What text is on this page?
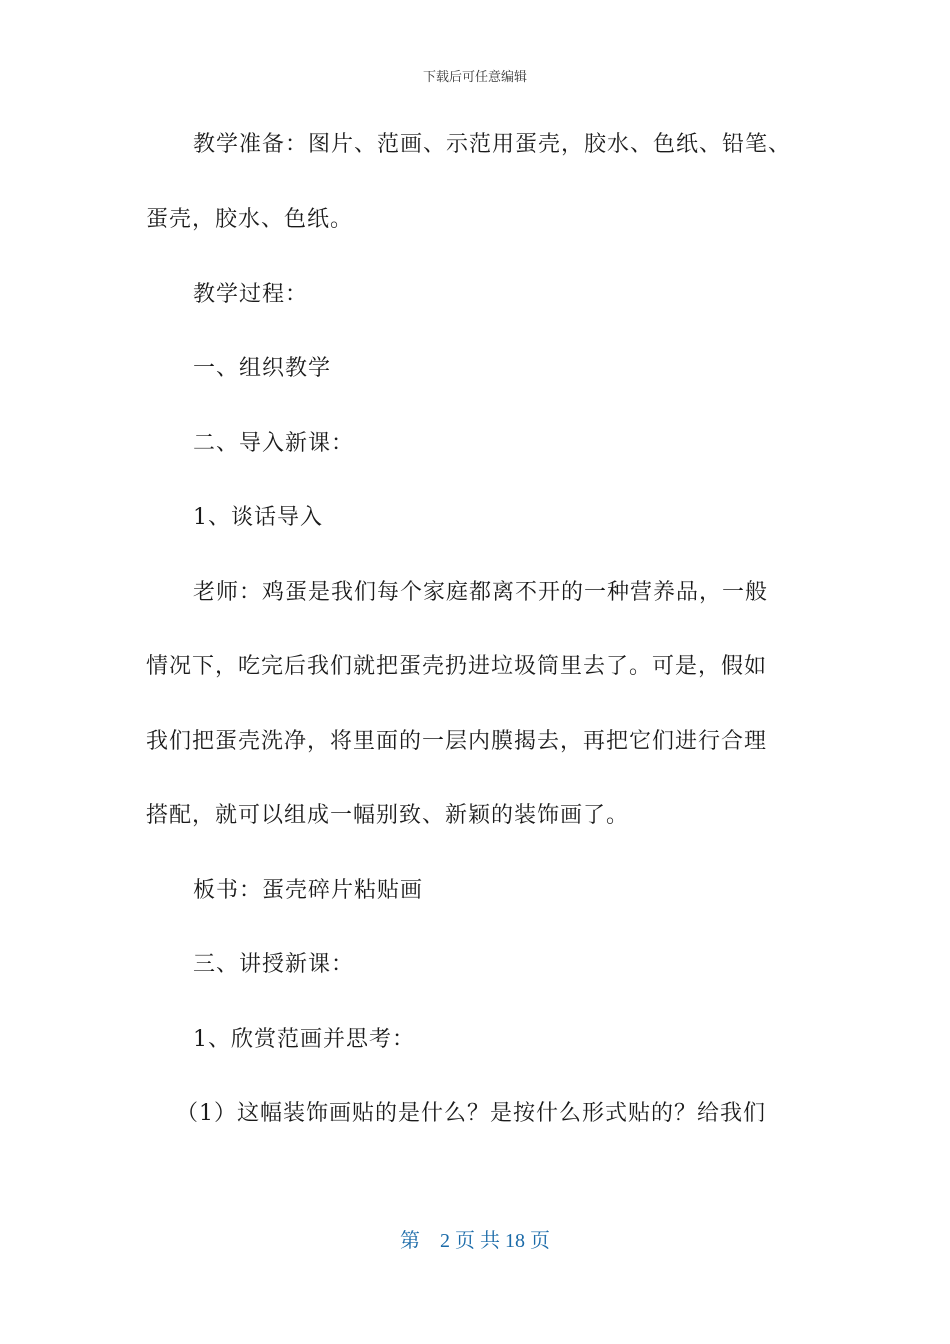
下载后可任意编辑
教学准备：图片、范画、示范用蛋壳，胶水、色纸、铅笔、
蛋壳，胶水、色纸。
教学过程：
一、组织教学
二、导入新课：
1、谈话导入
老师：鸡蛋是我们每个家庭都离不开的一种营养品，一般
情况下，吃完后我们就把蛋壳扔进垃圾筒里去了。可是，假如
我们把蛋壳洗净，将里面的一层内膜揭去，再把它们进行合理
搭配，就可以组成一幅别致、新颖的装饰画了。
板书：蛋壳碎片粘贴画
三、讲授新课：
1、欣赏范画并思考：
（1）这幅装饰画贴的是什么？是按什么形式贴的？给我们
第　2 页 共 18 页
